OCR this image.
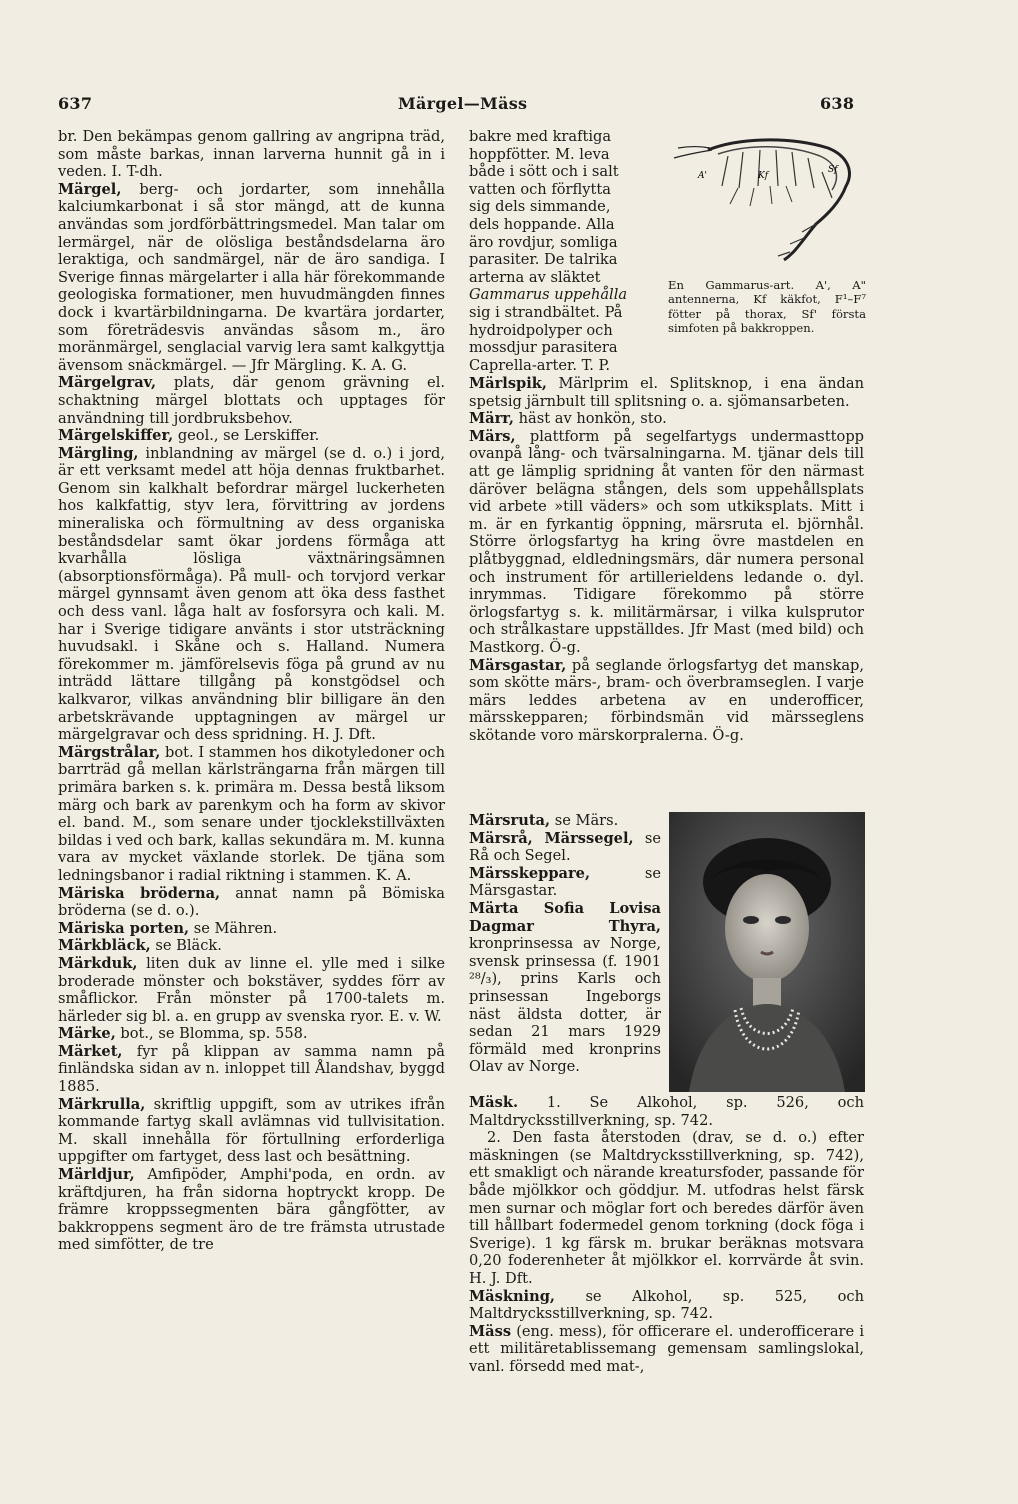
637	Märgel—Mäss	638

br. Den bekämpas genom gallring av angripna träd, som måste barkas, innan larverna hunnit gå in i veden. I. T-dh.

Märgel, berg- och jordarter, som innehålla kalciumkarbonat i så stor mängd, att de kunna användas som jordförbättringsmedel. Man talar om lermärgel, när de olösliga beståndsdelarna äro leraktiga, och sandmärgel, när de äro sandiga. I Sverige finnas märgelarter i alla här förekommande geologiska formationer, men huvudmängden finnes dock i kvartärbildningarna. De kvartära jordarter, som företrädesvis användas såsom m., äro moränmärgel, senglacial varvig lera samt kalkgyttja ävensom snäckmärgel. — Jfr Märgling. K. A. G.

Märgelgrav, plats, där genom grävning el. schaktning märgel blottats och upptages för användning till jordbruksbehov.

Märgelskiffer, geol., se Lerskiffer.

Märgling, inblandning av märgel (se d. o.) i jord, är ett verksamt medel att höja dennas fruktbarhet. Genom sin kalkhalt befordrar märgel luckerheten hos kalkfattig, styv lera, förvittring av jordens mineraliska och förmultning av dess organiska beståndsdelar samt ökar jordens förmåga att kvarhålla lösliga växtnäringsämnen (absorptionsförmåga). På mull- och torvjord verkar märgel gynnsamt även genom att öka dess fasthet och dess vanl. låga halt av fosforsyra och kali. M. har i Sverige tidigare använts i stor utsträckning huvudsakl. i Skåne och s. Halland. Numera förekommer m. jämförelsevis föga på grund av nu inträdd lättare tillgång på konstgödsel och kalkvaror, vilkas användning blir billigare än den arbetskrävande upptagningen av märgel ur märgelgravar och dess spridning. H. J. Dft.

Märgstrålar, bot. I stammen hos dikotyledoner och barrträd gå mellan kärlsträngarna från märgen till primära barken s. k. primära m. Dessa bestå liksom märg och bark av parenkym och ha form av skivor el. band. M., som senare under tjocklekstillväxten bildas i ved och bark, kallas sekundära m. M. kunna vara av mycket växlande storlek. De tjäna som ledningsbanor i radial riktning i stammen. K. A.

Märiska bröderna, annat namn på Bömiska bröderna (se d. o.).

Märiska porten, se Mähren.

Märkbläck, se Bläck.

Märkduk, liten duk av linne el. ylle med i silke broderade mönster och bokstäver, syddes förr av småflickor. Från mönster på 1700-talets m. härleder sig bl. a. en grupp av svenska ryor. E. v. W.

Märke, bot., se Blomma, sp. 558.

Märket, fyr på klippan av samma namn på finländska sidan av n. inloppet till Ålandshav, byggd 1885.

Märkrulla, skriftlig uppgift, som av utrikes ifrån kommande fartyg skall avlämnas vid tullvisitation. M. skall innehålla för förtullning erforderliga uppgifter om fartyget, dess last och besättning.

Märldjur, Amfipöder, Amphi'poda, en ordn. av kräftdjuren, ha från sidorna hoptryckt kropp. De främre kroppssegmenten bära gångfötter, av bakkroppens segment äro de tre främsta utrustade med simfötter, de tre

bakre med kraftiga
hoppfötter. M. leva
både i sött och i salt
vatten och förflytta
sig dels simmande,
dels hoppande. Alla
äro rovdjur, somliga
parasiter. De talrika
arterna av släktet
Gammarus uppehålla
sig i strandbältet. På
hydroidpolyper och
mossdjur parasitera
Caprella-arter. T. P.
A'	Kf
Sf
En Gammarus-art. A', A" antennerna, Kf käkfot, F¹–F⁷ fötter på thorax, Sf' första simfoten på bakkroppen.

Märlspik, Märlprim el. Splitsknop, i ena ändan spetsig järnbult till splitsning o. a. sjömansarbeten.

Märr, häst av honkön, sto.

Märs, plattform på segelfartygs undermasttopp ovanpå lång- och tvärsalningarna. M. tjänar dels till att ge lämplig spridning åt vanten för den närmast däröver belägna stången, dels som uppehållsplats vid arbete »till väders» och som utkiksplats. Mitt i m. är en fyrkantig öppning, märsruta el. björnhål. Större örlogsfartyg ha kring övre mastdelen en plåtbyggnad, eldledningsmärs, där numera personal och instrument för artillerieldens ledande o. dyl. inrymmas. Tidigare förekommo på större örlogsfartyg s. k. militärmärsar, i vilka kulsprutor och strålkastare uppställdes. Jfr Mast (med bild) och Mastkorg. Ö-g.

Märsgastar, på seglande örlogsfartyg det manskap, som skötte märs-, bram- och överbramseglen. I varje märs leddes arbetena av en underofficer, märsskepparen; förbindsmän vid märsseglens skötande voro märskorpralerna. Ö-g.

Märsruta, se Märs.

Märsrå, Märssegel, se Rå och Segel.

Märsskeppare, se Märsgastar.

Märta Sofia Lovisa Dagmar Thyra, kronprinsessa av Norge, svensk prinsessa (f. 1901 ²⁸/₃), prins Karls och prinsessan Ingeborgs näst äldsta dotter, är sedan 21 mars 1929 förmäld med kronprins Olav av Norge.

Mäsk. 1. Se Alkohol, sp. 526, och Maltdrycksstillverkning, sp. 742.

2. Den fasta återstoden (drav, se d. o.) efter mäskningen (se Maltdrycksstillverkning, sp. 742), ett smakligt och närande kreatursfoder, passande för både mjölkkor och göddjur. M. utfodras helst färsk men surnar och möglar fort och beredes därför även till hållbart fodermedel genom torkning (dock föga i Sverige). 1 kg färsk m. brukar beräknas motsvara 0,20 foderenheter åt mjölkkor el. korrvärde åt svin. H. J. Dft.

Mäskning, se Alkohol, sp. 525, och Maltdrycksstillverkning, sp. 742.

Mäss (eng. mess), för officerare el. underofficerare i ett militäretablissemang gemensam samlingslokal, vanl. försedd med mat-,
